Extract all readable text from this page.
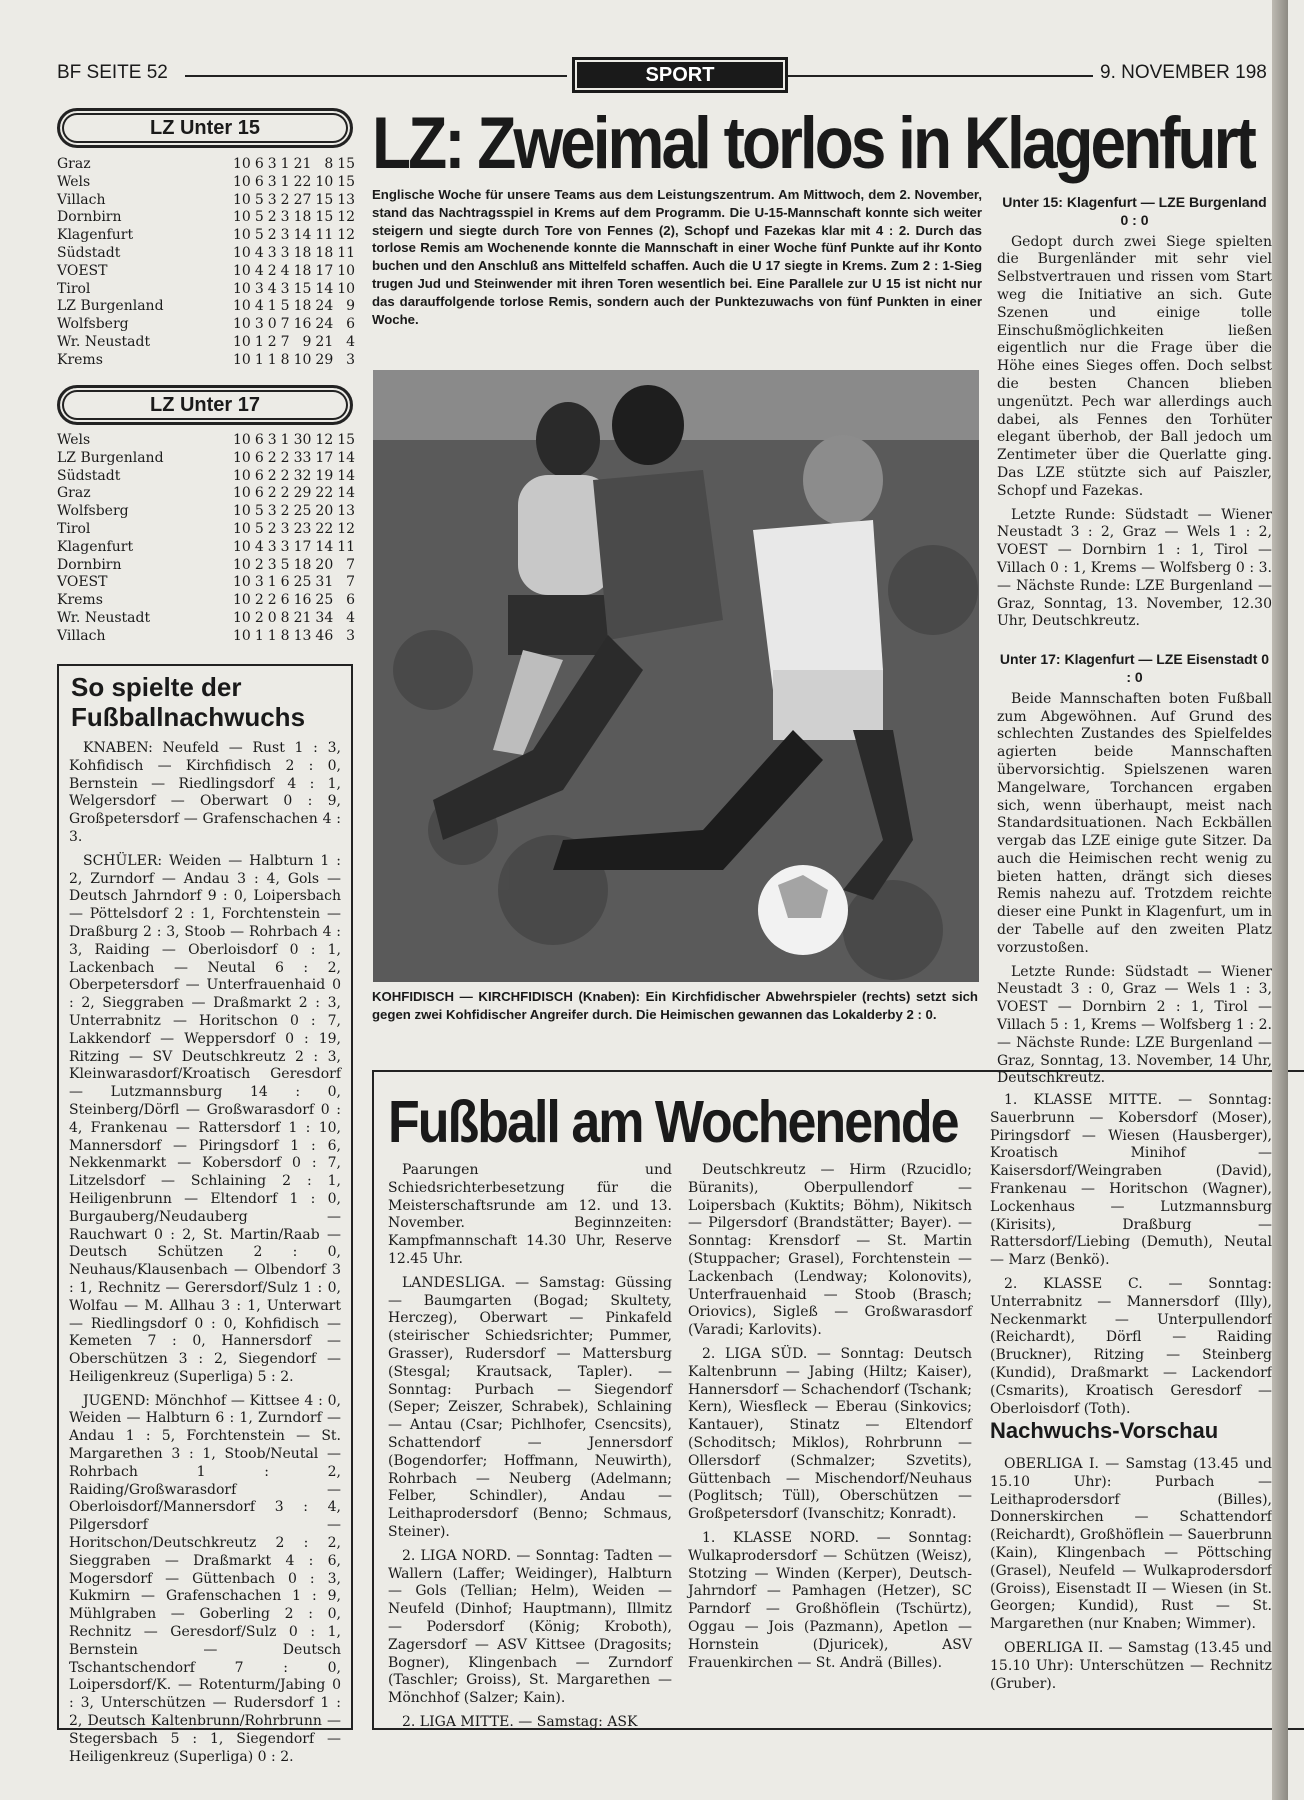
BF SEITE 52	SPORT	9. NOVEMBER 198
LZ Unter 15
Graz	10	6	3	1	21	8	15
Wels	10	6	3	1	22	10	15
Villach	10	5	3	2	27	15	13
Dornbirn	10	5	2	3	18	15	12
Klagenfurt	10	5	2	3	14	11	12
Südstadt	10	4	3	3	18	18	11
VOEST	10	4	2	4	18	17	10
Tirol	10	3	4	3	15	14	10
LZ Burgenland	10	4	1	5	18	24	9
Wolfsberg	10	3	0	7	16	24	6
Wr. Neustadt	10	1	2	7	9	21	4
Krems	10	1	1	8	10	29	3
LZ Unter 17
Wels	10	6	3	1	30	12	15
LZ Burgenland	10	6	2	2	33	17	14
Südstadt	10	6	2	2	32	19	14
Graz	10	6	2	2	29	22	14
Wolfsberg	10	5	3	2	25	20	13
Tirol	10	5	2	3	23	22	12
Klagenfurt	10	4	3	3	17	14	11
Dornbirn	10	2	3	5	18	20	7
VOEST	10	3	1	6	25	31	7
Krems	10	2	2	6	16	25	6
Wr. Neustadt	10	2	0	8	21	34	4
Villach	10	1	1	8	13	46	3
So spielte der Fußballnachwuchs

KNABEN: Neufeld — Rust 1 : 3, Kohfidisch — Kirchfidisch 2 : 0, Bernstein — Riedlingsdorf 4 : 1, Welgersdorf — Oberwart 0 : 9, Großpetersdorf — Grafenschachen 4 : 3.

SCHÜLER: Weiden — Halbturn 1 : 2, Zurndorf — Andau 3 : 4, Gols — Deutsch Jahrndorf 9 : 0, Loipersbach — Pöttelsdorf 2 : 1, Forchtenstein — Draßburg 2 : 3, Stoob — Rohrbach 4 : 3, Raiding — Oberloisdorf 0 : 1, Lackenbach — Neutal 6 : 2, Oberpetersdorf — Unterfrauenhaid 0 : 2, Sieggraben — Draßmarkt 2 : 3, Unterrabnitz — Horitschon 0 : 7, Lakkendorf — Weppersdorf 0 : 19, Ritzing — SV Deutschkreutz 2 : 3, Kleinwarasdorf/Kroatisch Geresdorf — Lutzmannsburg 14 : 0, Steinberg/Dörfl — Großwarasdorf 0 : 4, Frankenau — Rattersdorf 1 : 10, Mannersdorf — Piringsdorf 1 : 6, Nekkenmarkt — Kobersdorf 0 : 7, Litzelsdorf — Schlaining 2 : 1, Heiligenbrunn — Eltendorf 1 : 0, Burgauberg/Neudauberg — Rauchwart 0 : 2, St. Martin/Raab — Deutsch Schützen 2 : 0, Neuhaus/Klausenbach — Olbendorf 3 : 1, Rechnitz — Gerersdorf/Sulz 1 : 0, Wolfau — M. Allhau 3 : 1, Unterwart — Riedlingsdorf 0 : 0, Kohfidisch — Kemeten 7 : 0, Hannersdorf — Oberschützen 3 : 2, Siegendorf — Heiligenkreuz (Superliga) 5 : 2.

JUGEND: Mönchhof — Kittsee 4 : 0, Weiden — Halbturn 6 : 1, Zurndorf — Andau 1 : 5, Forchtenstein — St. Margarethen 3 : 1, Stoob/Neutal — Rohrbach 1 : 2, Raiding/Großwarasdorf — Oberloisdorf/Mannersdorf 3 : 4, Pilgersdorf — Horitschon/Deutschkreutz 2 : 2, Sieggraben — Draßmarkt 4 : 6, Mogersdorf — Güttenbach 0 : 3, Kukmirn — Grafenschachen 1 : 9, Mühlgraben — Goberling 2 : 0, Rechnitz — Geresdorf/Sulz 0 : 1, Bernstein — Deutsch Tschantschendorf 7 : 0, Loipersdorf/K. — Rotenturm/Jabing 0 : 3, Unterschützen — Rudersdorf 1 : 2, Deutsch Kaltenbrunn/Rohrbrunn — Stegersbach 5 : 1, Siegendorf — Heiligenkreuz (Superliga) 0 : 2.

LZ: Zweimal torlos in Klagenfurt
Englische Woche für unsere Teams aus dem Leistungszentrum. Am Mittwoch, dem 2. November, stand das Nachtragsspiel in Krems auf dem Programm. Die U-15-Mannschaft konnte sich weiter steigern und siegte durch Tore von Fennes (2), Schopf und Fazekas klar mit 4 : 2. Durch das torlose Remis am Wochenende konnte die Mannschaft in einer Woche fünf Punkte auf ihr Konto buchen und den Anschluß ans Mittelfeld schaffen. Auch die U 17 siegte in Krems. Zum 2 : 1-Sieg trugen Jud und Steinwender mit ihren Toren wesentlich bei. Eine Parallele zur U 15 ist nicht nur das darauffolgende torlose Remis, sondern auch der Punktezuwachs von fünf Punkten in einer Woche.
KOHFIDISCH — KIRCHFIDISCH (Knaben): Ein Kirchfidischer Abwehrspieler (rechts) setzt sich gegen zwei Kohfidischer Angreifer durch. Die Heimischen gewannen das Lokalderby 2 : 0.

Unter 15: Klagenfurt — LZE Burgenland 0 : 0

Gedopt durch zwei Siege spielten die Burgenländer mit sehr viel Selbstvertrauen und rissen vom Start weg die Initiative an sich. Gute Szenen und einige tolle Einschußmöglichkeiten ließen eigentlich nur die Frage über die Höhe eines Sieges offen. Doch selbst die besten Chancen blieben ungenützt. Pech war allerdings auch dabei, als Fennes den Torhüter elegant überhob, der Ball jedoch um Zentimeter über die Querlatte ging. Das LZE stützte sich auf Paiszler, Schopf und Fazekas.

Letzte Runde: Südstadt — Wiener Neustadt 3 : 2, Graz — Wels 1 : 2, VOEST — Dornbirn 1 : 1, Tirol — Villach 0 : 1, Krems — Wolfsberg 0 : 3. — Nächste Runde: LZE Burgenland — Graz, Sonntag, 13. November, 12.30 Uhr, Deutschkreutz.

Unter 17: Klagenfurt — LZE Eisenstadt 0 : 0

Beide Mannschaften boten Fußball zum Abgewöhnen. Auf Grund des schlechten Zustandes des Spielfeldes agierten beide Mannschaften übervorsichtig. Spielszenen waren Mangelware, Torchancen ergaben sich, wenn überhaupt, meist nach Standardsituationen. Nach Eckbällen vergab das LZE einige gute Sitzer. Da auch die Heimischen recht wenig zu bieten hatten, drängt sich dieses Remis nahezu auf. Trotzdem reichte dieser eine Punkt in Klagenfurt, um in der Tabelle auf den zweiten Platz vorzustoßen.

Letzte Runde: Südstadt — Wiener Neustadt 3 : 0, Graz — Wels 1 : 3, VOEST — Dornbirn 2 : 1, Tirol — Villach 5 : 1, Krems — Wolfsberg 1 : 2. — Nächste Runde: LZE Burgenland — Graz, Sonntag, 13. November, 14 Uhr, Deutschkreutz.

Fußball am Wochenende

Paarungen und Schiedsrichterbesetzung für die Meisterschaftsrunde am 12. und 13. November. Beginnzeiten: Kampfmannschaft 14.30 Uhr, Reserve 12.45 Uhr.

LANDESLIGA. — Samstag: Güssing — Baumgarten (Bogad; Skultety, Herczeg), Oberwart — Pinkafeld (steirischer Schiedsrichter; Pummer, Grasser), Rudersdorf — Mattersburg (Stesgal; Krautsack, Tapler). — Sonntag: Purbach — Siegendorf (Seper; Zeiszer, Schrabek), Schlaining — Antau (Csar; Pichlhofer, Csencsits), Schattendorf — Jennersdorf (Bogendorfer; Hoffmann, Neuwirth), Rohrbach — Neuberg (Adelmann; Felber, Schindler), Andau — Leithaprodersdorf (Benno; Schmaus, Steiner).

2. LIGA NORD. — Sonntag: Tadten — Wallern (Laffer; Weidinger), Halbturn — Gols (Tellian; Helm), Weiden — Neufeld (Dinhof; Hauptmann), Illmitz — Podersdorf (König; Kroboth), Zagersdorf — ASV Kittsee (Dragosits; Bogner), Klingenbach — Zurndorf (Taschler; Groiss), St. Margarethen — Mönchhof (Salzer; Kain).

2. LIGA MITTE. — Samstag: ASK

Deutschkreutz — Hirm (Rzucidlo; Büranits), Oberpullendorf — Loipersbach (Kuktits; Böhm), Nikitsch — Pilgersdorf (Brandstätter; Bayer). — Sonntag: Krensdorf — St. Martin (Stuppacher; Grasel), Forchtenstein — Lackenbach (Lendway; Kolonovits), Unterfrauenhaid — Stoob (Brasch; Oriovics), Sigleß — Großwarasdorf (Varadi; Karlovits).

2. LIGA SÜD. — Sonntag: Deutsch Kaltenbrunn — Jabing (Hiltz; Kaiser), Hannersdorf — Schachendorf (Tschank; Kern), Wiesfleck — Eberau (Sinkovics; Kantauer), Stinatz — Eltendorf (Schoditsch; Miklos), Rohrbrunn — Ollersdorf (Schmalzer; Szvetits), Güttenbach — Mischendorf/Neuhaus (Poglitsch; Tüll), Oberschützen — Großpetersdorf (Ivanschitz; Konradt).

1. KLASSE NORD. — Sonntag: Wulkaprodersdorf — Schützen (Weisz), Stotzing — Winden (Kerper), Deutsch-Jahrndorf — Pamhagen (Hetzer), SC Parndorf — Großhöflein (Tschürtz), Oggau — Jois (Pazmann), Apetlon — Hornstein (Djuricek), ASV Frauenkirchen — St. Andrä (Billes).

1. KLASSE MITTE. — Sonntag: Sauerbrunn — Kobersdorf (Moser), Piringsdorf — Wiesen (Hausberger), Kroatisch Minihof — Kaisersdorf/Weingraben (David), Frankenau — Horitschon (Wagner), Lockenhaus — Lutzmannsburg (Kirisits), Draßburg — Rattersdorf/Liebing (Demuth), Neutal — Marz (Benkö).

2. KLASSE C. — Sonntag: Unterrabnitz — Mannersdorf (Illy), Neckenmarkt — Unterpullendorf (Reichardt), Dörfl — Raiding (Bruckner), Ritzing — Steinberg (Kundid), Draßmarkt — Lackendorf (Csmarits), Kroatisch Geresdorf — Oberloisdorf (Toth).

Nachwuchs-Vorschau

OBERLIGA I. — Samstag (13.45 und 15.10 Uhr): Purbach — Leithaprodersdorf (Billes), Donnerskirchen — Schattendorf (Reichardt), Großhöflein — Sauerbrunn (Kain), Klingenbach — Pöttsching (Grasel), Neufeld — Wulkaprodersdorf (Groiss), Eisenstadt II — Wiesen (in St. Georgen; Kundid), Rust — St. Margarethen (nur Knaben; Wimmer).

OBERLIGA II. — Samstag (13.45 und 15.10 Uhr): Unterschützen — Rechnitz (Gruber).
